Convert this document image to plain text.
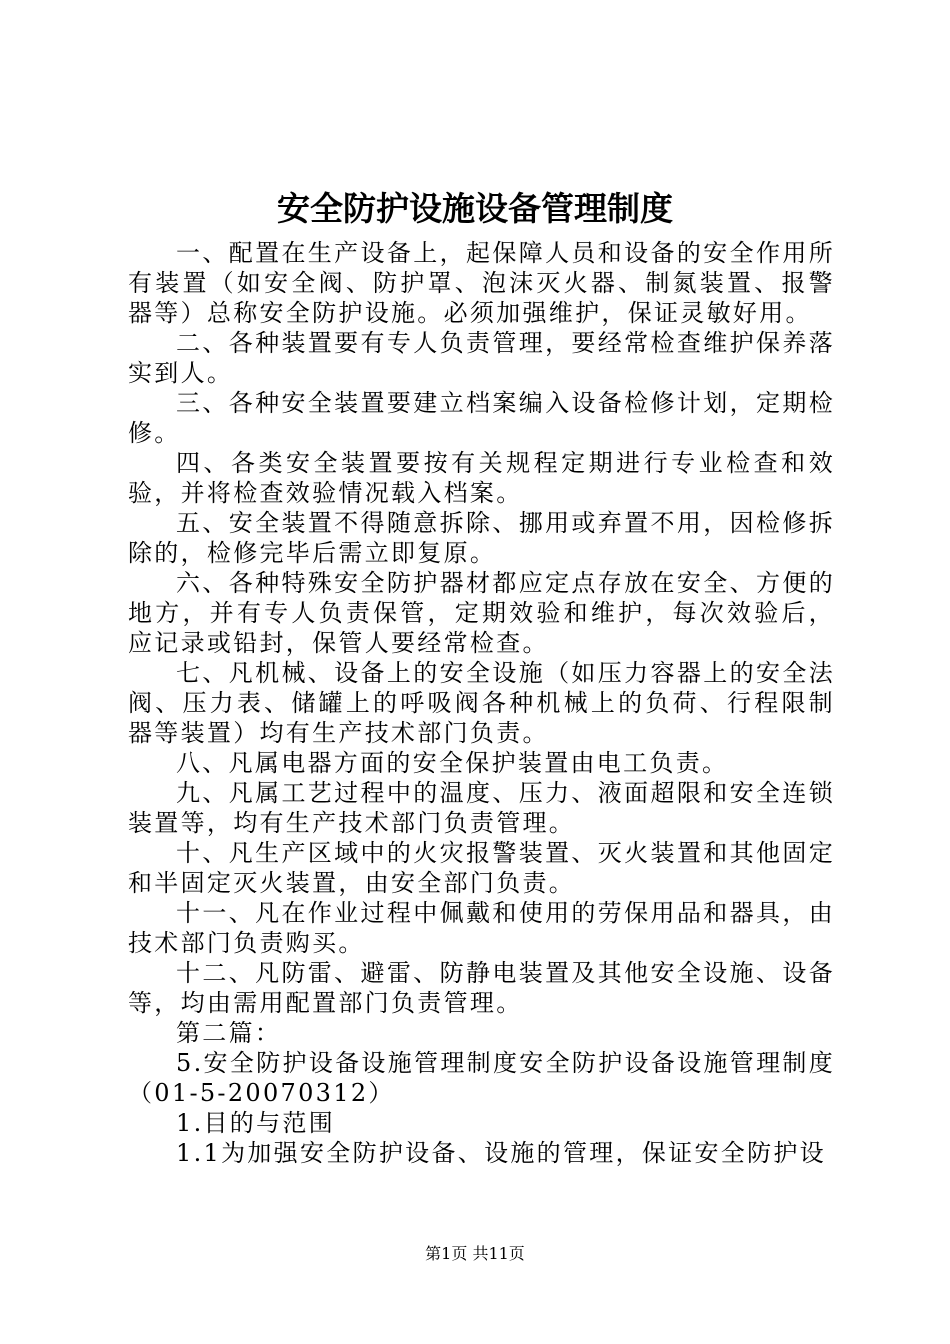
安全防护设施设备管理制度

一、配置在生产设备上，起保障人员和设备的安全作用所有装置（如安全阀、防护罩、泡沫灭火器、制氮装置、报警器等）总称安全防护设施。必须加强维护，保证灵敏好用。

二、各种装置要有专人负责管理，要经常检查维护保养落实到人。

三、各种安全装置要建立档案编入设备检修计划，定期检修。

四、各类安全装置要按有关规程定期进行专业检查和效验，并将检查效验情况载入档案。

五、安全装置不得随意拆除、挪用或弃置不用，因检修拆除的，检修完毕后需立即复原。

六、各种特殊安全防护器材都应定点存放在安全、方便的地方，并有专人负责保管，定期效验和维护，每次效验后，应记录或铅封，保管人要经常检查。

七、凡机械、设备上的安全设施（如压力容器上的安全法阀、压力表、储罐上的呼吸阀各种机械上的负荷、行程限制器等装置）均有生产技术部门负责。

八、凡属电器方面的安全保护装置由电工负责。

九、凡属工艺过程中的温度、压力、液面超限和安全连锁装置等，均有生产技术部门负责管理。

十、凡生产区域中的火灾报警装置、灭火装置和其他固定和半固定灭火装置，由安全部门负责。

十一、凡在作业过程中佩戴和使用的劳保用品和器具，由技术部门负责购买。

十二、凡防雷、避雷、防静电装置及其他安全设施、设备等，均由需用配置部门负责管理。

第二篇：

5.安全防护设备设施管理制度安全防护设备设施管理制度（01-5-20070312）

1.目的与范围

1.1为加强安全防护设备、设施的管理，保证安全防护设

第1页 共11页
